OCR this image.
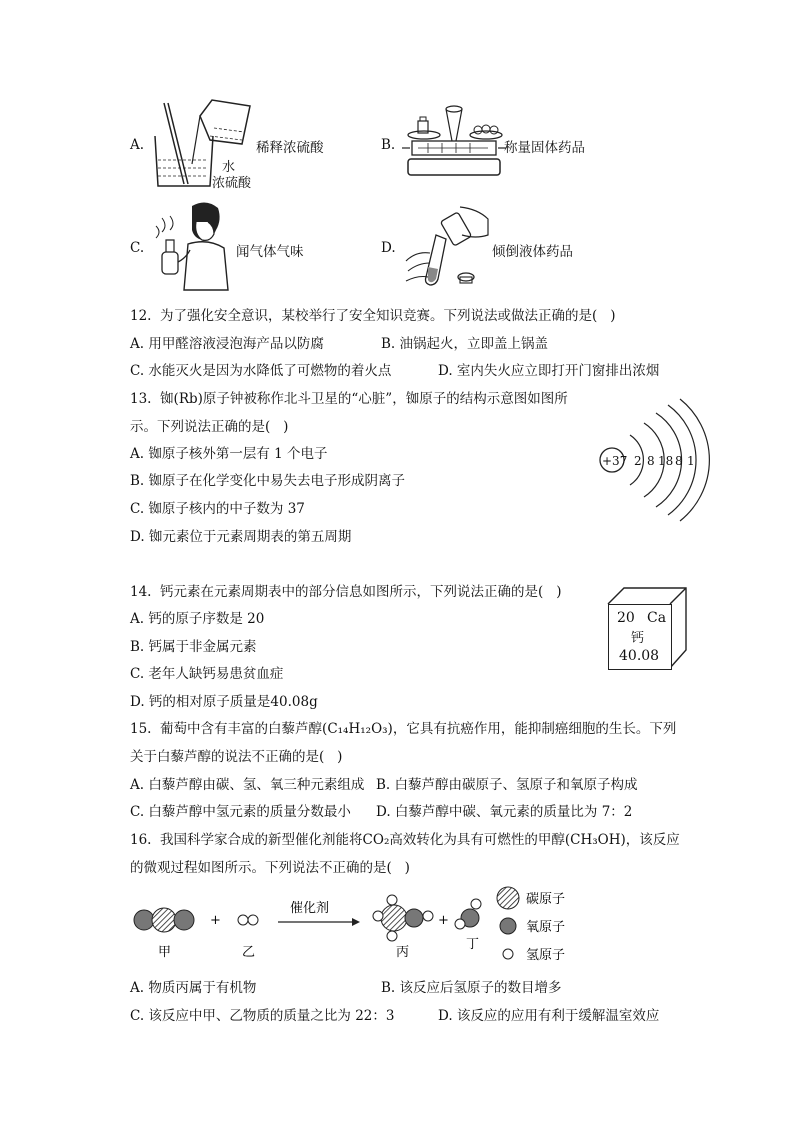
A.	稀释浓硫酸
水
浓硫酸
B.	称量固体药品
C.	闻气体气味	D.	倾倒液体药品
12.  为了强化安全意识，某校举行了安全知识竞赛。下列说法或做法正确的是(   )
A. 用甲醛溶液浸泡海产品以防腐	B. 油锅起火，立即盖上锅盖
C. 水能灭火是因为水降低了可燃物的着火点	D. 室内失火应立即打开门窗排出浓烟
13.  铷(Rb)原子钟被称作北斗卫星的“心脏”，铷原子的结构示意图如图所
示。下列说法正确的是(   )
A. 铷原子核外第一层有 1 个电子
B. 铷原子在化学变化中易失去电子形成阴离子
C. 铷原子核内的中子数为 37
D. 铷元素位于元素周期表的第五周期
+37 2 8 18 8 1
14.  钙元素在元素周期表中的部分信息如图所示，下列说法正确的是(   )
A. 钙的原子序数是 20
B. 钙属于非金属元素
C. 老年人缺钙易患贫血症
D. 钙的相对原子质量是40.08g
20 Ca
钙
40.08
15.  葡萄中含有丰富的白藜芦醇(C₁₄H₁₂O₃)，它具有抗癌作用，能抑制癌细胞的生长。下列
关于白藜芦醇的说法不正确的是(   )
A. 白藜芦醇由碳、氢、氧三种元素组成 B. 白藜芦醇由碳原子、氢原子和氧原子构成
C. 白藜芦醇中氢元素的质量分数最小 D. 白藜芦醇中碳、氧元素的质量比为 7：2
16.  我国科学家合成的新型催化剂能将CO₂高效转化为具有可燃性的甲醇(CH₃OH)，该反应
的微观过程如图所示。下列说法不正确的是(   )
+
催化剂
+
甲	乙	丙
丁
碳原子
氧原子
氢原子
A. 物质丙属于有机物	B. 该反应后氢原子的数目增多
C. 该反应中甲、乙物质的质量之比为 22：3	D. 该反应的应用有利于缓解温室效应
